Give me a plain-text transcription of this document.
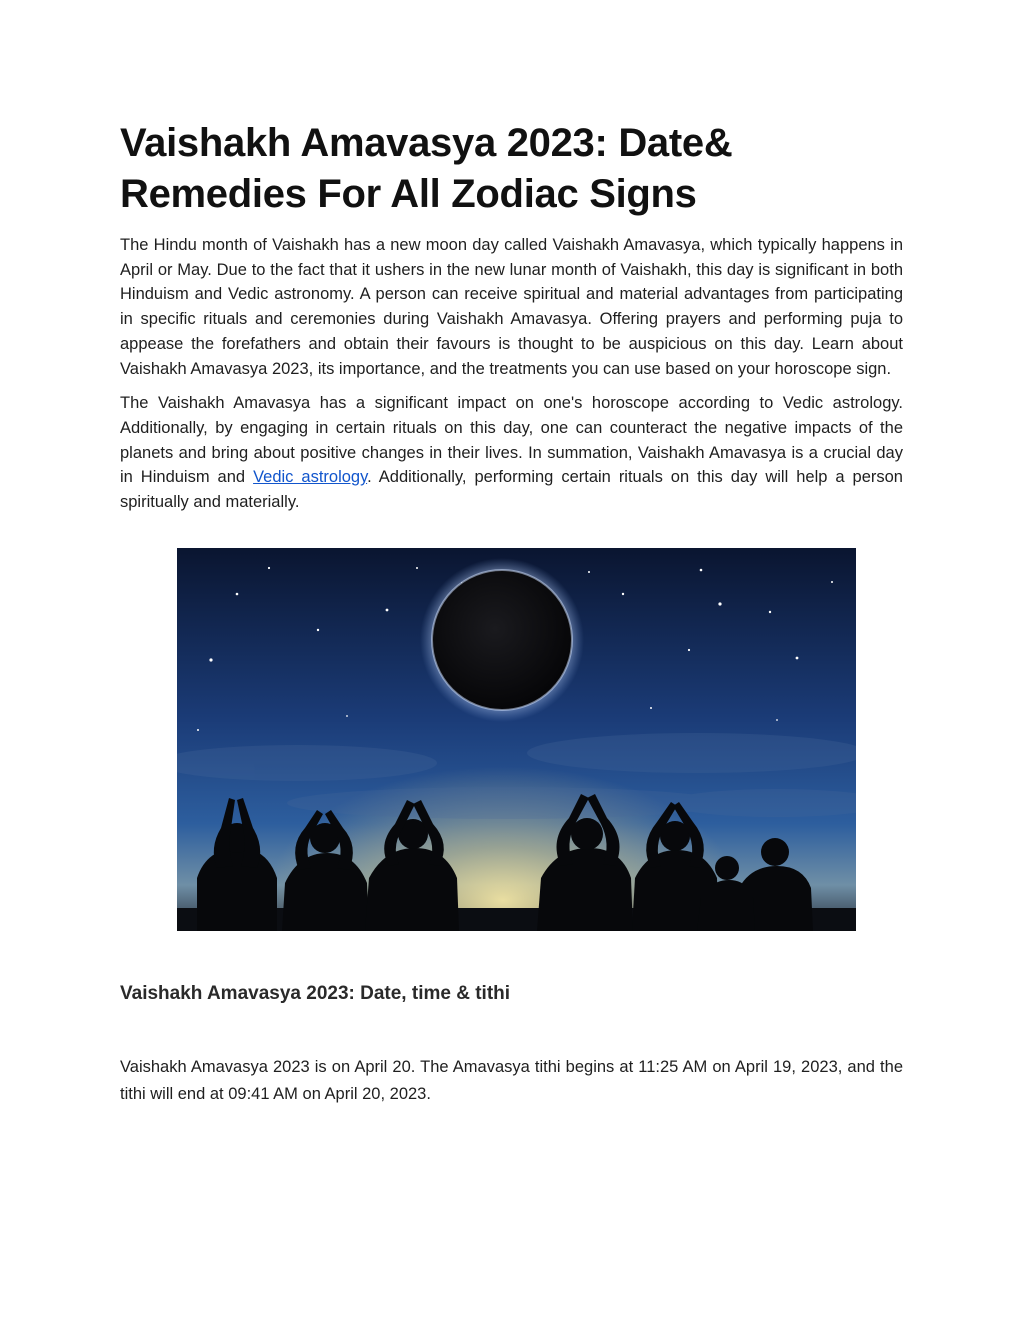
Vaishakh Amavasya 2023: Date& Remedies For All Zodiac Signs

The Hindu month of Vaishakh has a new moon day called Vaishakh Amavasya, which typically happens in April or May. Due to the fact that it ushers in the new lunar month of Vaishakh, this day is significant in both Hinduism and Vedic astronomy. A person can receive spiritual and material advantages from participating in specific rituals and ceremonies during Vaishakh Amavasya. Offering prayers and performing puja to appease the forefathers and obtain their favours is thought to be auspicious on this day. Learn about Vaishakh Amavasya 2023, its importance, and the treatments you can use based on your horoscope sign.

The Vaishakh Amavasya has a significant impact on one's horoscope according to Vedic astrology. Additionally, by engaging in certain rituals on this day, one can counteract the negative impacts of the planets and bring about positive changes in their lives. In summation, Vaishakh Amavasya is a crucial day in Hinduism and Vedic astrology. Additionally, performing certain rituals on this day will help a person spiritually and materially.

Vaishakh Amavasya 2023: Date, time & tithi

Vaishakh Amavasya 2023 is on April 20. The Amavasya tithi begins at 11:25 AM on April 19, 2023, and the tithi will end at 09:41 AM on April 20, 2023.
